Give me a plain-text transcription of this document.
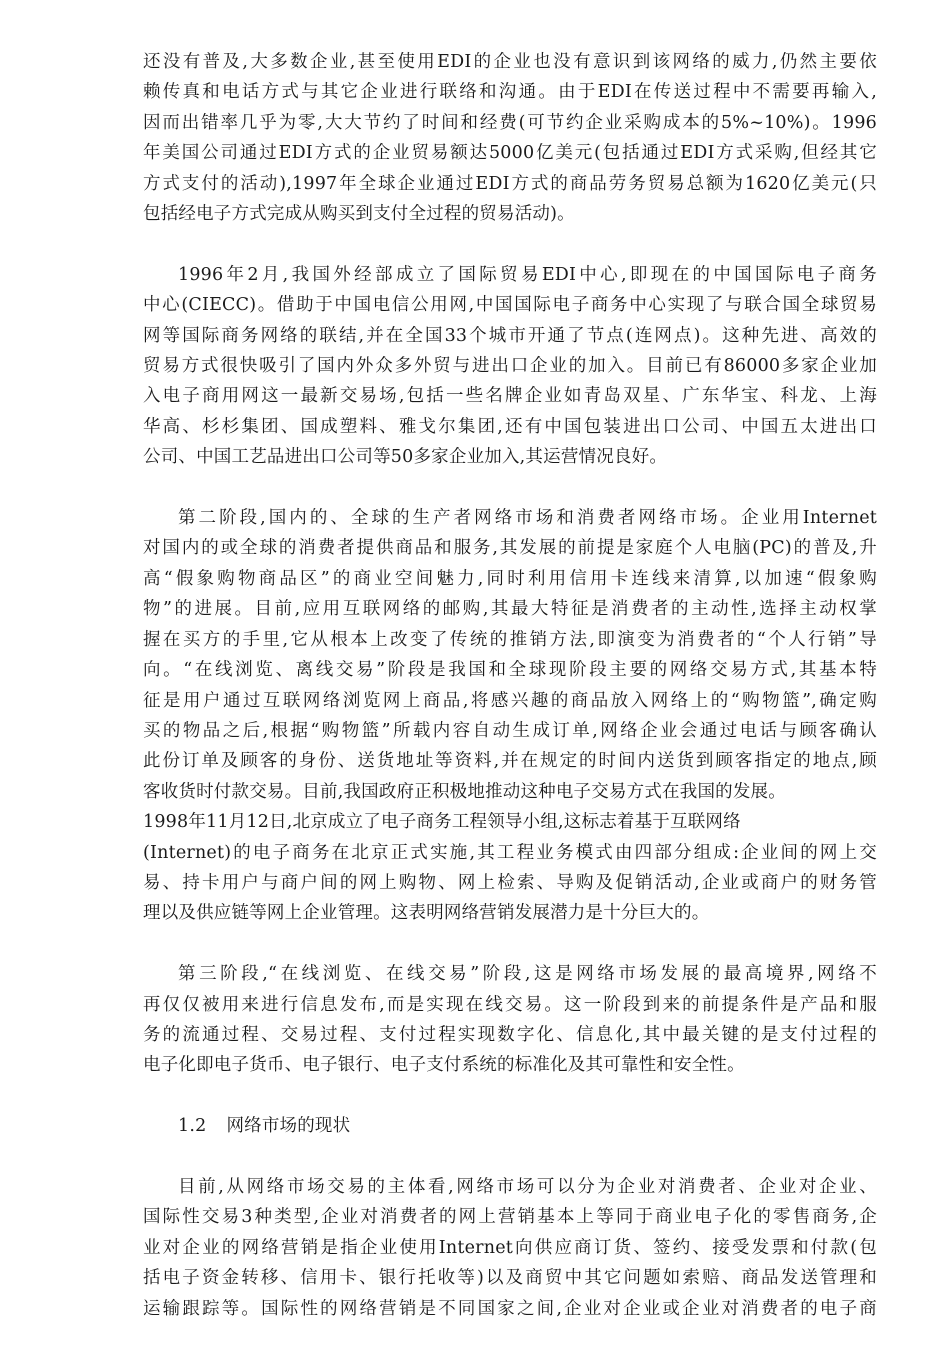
还没有普及,大多数企业,甚至使用EDI的企业也没有意识到该网络的威力,仍然主要依
赖传真和电话方式与其它企业进行联络和沟通。由于EDI在传送过程中不需要再输入,
因而出错率几乎为零,大大节约了时间和经费(可节约企业采购成本的5%~10%)。1996
年美国公司通过EDI方式的企业贸易额达5000亿美元(包括通过EDI方式采购,但经其它
方式支付的活动),1997年全球企业通过EDI方式的商品劳务贸易总额为1620亿美元(只
包括经电子方式完成从购买到支付全过程的贸易活动)。
1996年2月,我国外经部成立了国际贸易EDI中心,即现在的中国国际电子商务
中心(CIECC)。借助于中国电信公用网,中国国际电子商务中心实现了与联合国全球贸易
网等国际商务网络的联结,并在全国33个城市开通了节点(连网点)。这种先进、高效的
贸易方式很快吸引了国内外众多外贸与进出口企业的加入。目前已有86000多家企业加
入电子商用网这一最新交易场,包括一些名牌企业如青岛双星、广东华宝、科龙、上海
华高、杉杉集团、国成塑料、雅戈尔集团,还有中国包装进出口公司、中国五太进出口
公司、中国工艺品进出口公司等50多家企业加入,其运营情况良好。
第二阶段,国内的、全球的生产者网络市场和消费者网络市场。企业用Internet
对国内的或全球的消费者提供商品和服务,其发展的前提是家庭个人电脑(PC)的普及,升
高“假象购物商品区”的商业空间魅力,同时利用信用卡连线来清算,以加速“假象购
物”的进展。目前,应用互联网络的邮购,其最大特征是消费者的主动性,选择主动权掌
握在买方的手里,它从根本上改变了传统的推销方法,即演变为消费者的“个人行销”导
向。“在线浏览、离线交易”阶段是我国和全球现阶段主要的网络交易方式,其基本特
征是用户通过互联网络浏览网上商品,将感兴趣的商品放入网络上的“购物篮”,确定购
买的物品之后,根据“购物篮”所载内容自动生成订单,网络企业会通过电话与顾客确认
此份订单及顾客的身份、送货地址等资料,并在规定的时间内送货到顾客指定的地点,顾
客收货时付款交易。目前,我国政府正积极地推动这种电子交易方式在我国的发展。
1998年11月12日,北京成立了电子商务工程领导小组,这标志着基于互联网络
(Internet)的电子商务在北京正式实施,其工程业务模式由四部分组成:企业间的网上交
易、持卡用户与商户间的网上购物、网上检索、导购及促销活动,企业或商户的财务管
理以及供应链等网上企业管理。这表明网络营销发展潜力是十分巨大的。
第三阶段,“在线浏览、在线交易”阶段,这是网络市场发展的最高境界,网络不
再仅仅被用来进行信息发布,而是实现在线交易。这一阶段到来的前提条件是产品和服
务的流通过程、交易过程、支付过程实现数字化、信息化,其中最关键的是支付过程的
电子化即电子货币、电子银行、电子支付系统的标准化及其可靠性和安全性。
1.2 网络市场的现状
目前,从网络市场交易的主体看,网络市场可以分为企业对消费者、企业对企业、
国际性交易3种类型,企业对消费者的网上营销基本上等同于商业电子化的零售商务,企
业对企业的网络营销是指企业使用Internet向供应商订货、签约、接受发票和付款(包
括电子资金转移、信用卡、银行托收等)以及商贸中其它问题如索赔、商品发送管理和
运输跟踪等。国际性的网络营销是不同国家之间,企业对企业或企业对消费者的电子商
